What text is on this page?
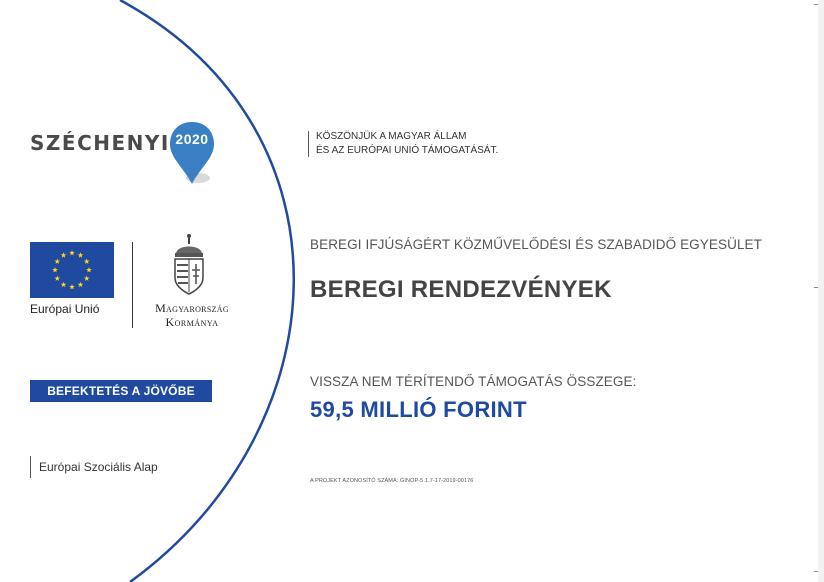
SZÉCHENYI 2020	KÖSZÖNJÜK A MAGYAR ÁLLAM
ÉS AZ EURÓPAI UNIÓ TÁMOGATÁSÁT.
Európai Unió	Magyarország
Kormánya
BEFEKTETÉS A JÖVŐBE
Európai Szociális Alap
BEREGI IFJÚSÁGÉRT KÖZMŰVELŐDÉSI ÉS SZABADIDŐ EGYESÜLET
BEREGI RENDEZVÉNYEK
VISSZA NEM TÉRÍTENDŐ TÁMOGATÁS ÖSSZEGE:
59,5 MILLIÓ FORINT
A PROJEKT AZONOSÍTÓ SZÁMA: GINOP-5.1.7-17-2019-00176
